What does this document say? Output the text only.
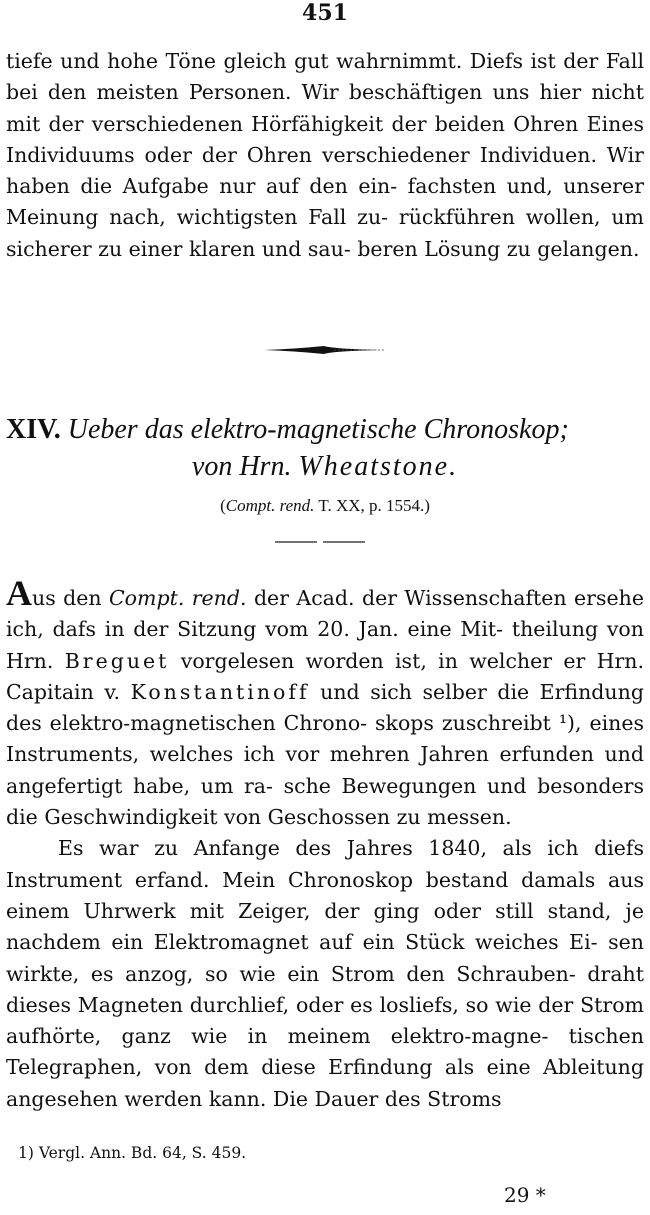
451

tiefe und hohe Töne gleich gut wahrnimmt. Diefs ist der Fall bei den meisten Personen. Wir beschäftigen uns hier nicht mit der verschiedenen Hörfähigkeit der beiden Ohren Eines Individuums oder der Ohren verschiedener Individuen. Wir haben die Aufgabe nur auf den ein- fachsten und, unserer Meinung nach, wichtigsten Fall zu- rückführen wollen, um sicherer zu einer klaren und sau- beren Lösung zu gelangen.

XIV. Ueber das elektro-magnetische Chronoskop;
von Hrn. Wheatstone.
(Compt. rend. T. XX, p. 1554.)

Aus den Compt. rend. der Acad. der Wissenschaften ersehe ich, dafs in der Sitzung vom 20. Jan. eine Mit- theilung von Hrn. Breguet vorgelesen worden ist, in welcher er Hrn. Capitain v. Konstantinoff und sich selber die Erfindung des elektro-magnetischen Chrono- skops zuschreibt ¹), eines Instruments, welches ich vor mehren Jahren erfunden und angefertigt habe, um ra- sche Bewegungen und besonders die Geschwindigkeit von Geschossen zu messen.

Es war zu Anfange des Jahres 1840, als ich diefs Instrument erfand. Mein Chronoskop bestand damals aus einem Uhrwerk mit Zeiger, der ging oder still stand, je nachdem ein Elektromagnet auf ein Stück weiches Ei- sen wirkte, es anzog, so wie ein Strom den Schrauben- draht dieses Magneten durchlief, oder es losliefs, so wie der Strom aufhörte, ganz wie in meinem elektro-magne- tischen Telegraphen, von dem diese Erfindung als eine Ableitung angesehen werden kann. Die Dauer des Stroms

1) Vergl. Ann. Bd. 64, S. 459.
29 *
